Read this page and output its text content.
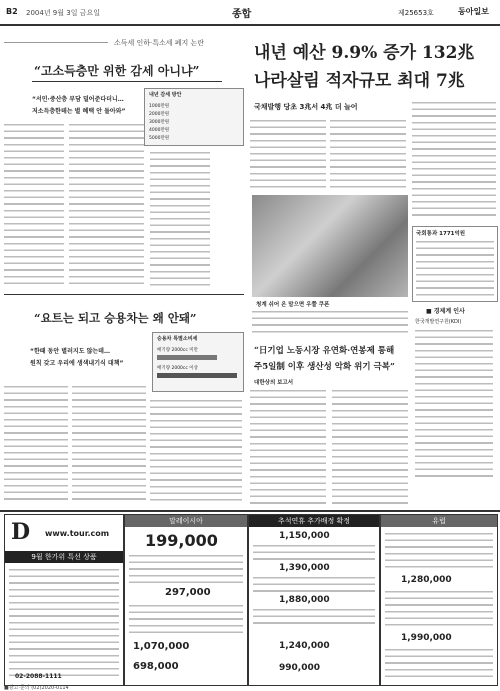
B2 2004년 9월 3일 금요일	종합	제25653호	동아일보
소득세 인하·특소세 폐지 논란
“고소득층만 위한 감세 아니냐”
“서민·중산층 부담 덜어준다더니…
저소득층한테는 별 혜택 안 돌아와”
내년 감세 방안
1000만원
2000만원
3000만원
4000만원
5000만원
“요트는 되고 승용차는 왜 안돼”
“한때 동안 별러지도 않는데…
원칙 갖고 우리에 생색내기식 대책”
승용차 특별소비세
배기량 2000cc 미만
배기량 2000cc 이상
내년 예산 9.9% 증가 132兆
나라살림 적자규모 최대 7兆
국채발행 당초 3兆서 4兆 더 늘어
국회통과 1771억원
■ 경제계 인사
한국개발연구원(KDI)
청계 쉬어 온 말으면 우쭐 쿠폰
“日기업 노동시장 유연화·연봉제 통해
주5일制 이후 생산성 악화 위기 극복”
대한상의 보고서
D www.tour.com
9월 한가위 특선 상품
02-2088-1111
말레이시아
199,000
297,000
1,070,000
698,000
추석연휴 추가배정 확정
1,150,000
1,390,000
1,880,000
1,240,000
990,000
유럽
1,280,000
1,990,000
■광고·문의 (02)2020-0114
